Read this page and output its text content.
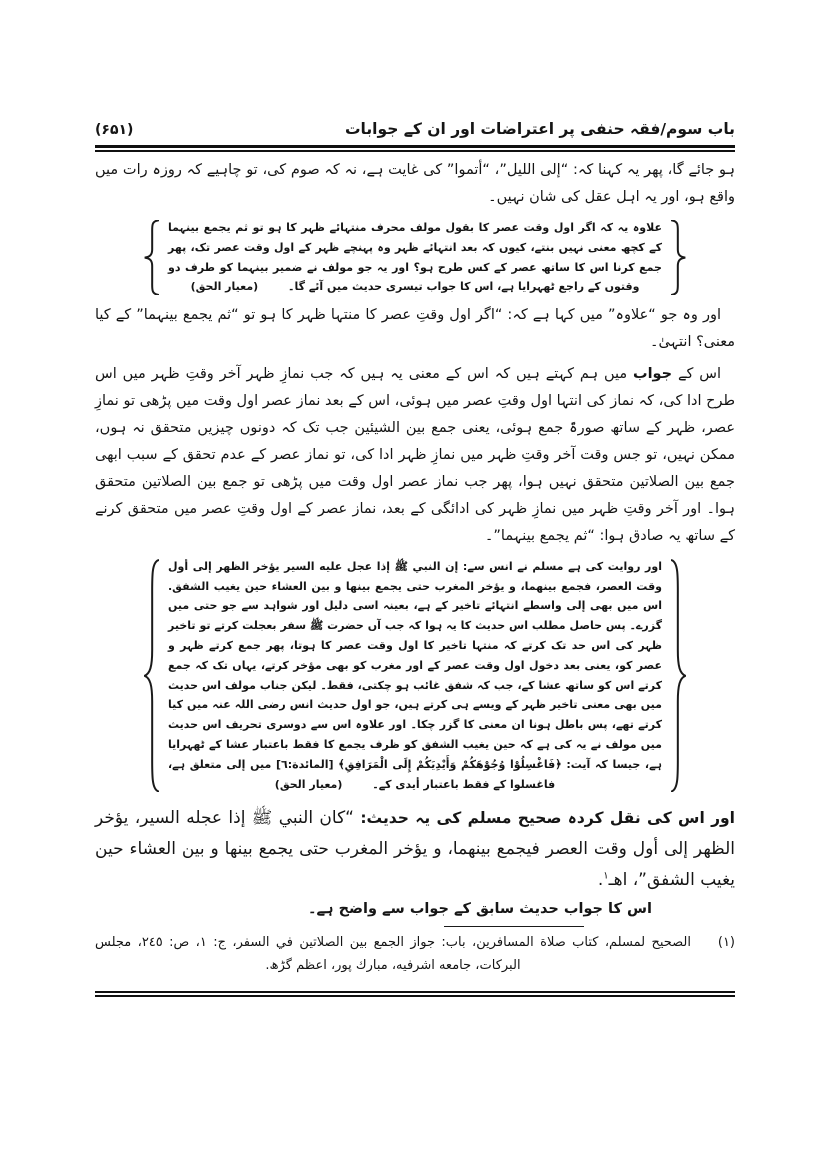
باب سوم/فقہ حنفی پر اعتراضات اور ان کے جوابات
(۶۵۱)

ہو جائے گا، پھر یہ کہنا کہ: “إلی اللیل”، “أتموا” کی غایت ہے، نہ کہ صوم کی، تو چاہیے کہ روزہ رات میں واقع ہو، اور یہ اہل عقل کی شان نہیں۔

علاوہ یہ کہ اگر اول وقت عصر کا بقول مولف محرف منتہائے ظہر کا ہو تو ثم یجمع بینہما کے کچھ معنی نہیں بنتے، کیوں کہ بعد انتہائے ظہر وہ پہنچے ظہر کے اول وقت عصر تک، پھر جمع کرنا اس کا ساتھ عصر کے کس طرح ہو؟ اور یہ جو مولف نے ضمیر بینہما کو طرف دو وقتوں کے راجع ٹھہرایا ہے، اس کا جواب تیسری حدیث میں آئے گا۔ (معیار الحق)

اور وہ جو “علاوہ” میں کہا ہے کہ: “اگر اول وقتِ عصر کا منتہا ظہر کا ہو تو “ثم یجمع بینہما” کے کیا معنی؟ انتہیٰ۔

اس کے جواب میں ہم کہتے ہیں کہ اس کے معنی یہ ہیں کہ جب نمازِ ظہر آخر وقتِ ظہر میں اس طرح ادا کی، کہ نماز کی انتہا اول وقتِ عصر میں ہوئی، اس کے بعد نماز عصر اول وقت میں پڑھی تو نمازِ عصر، ظہر کے ساتھ صورۃً جمع ہوئی، یعنی جمع بین الشیئین جب تک کہ دونوں چیزیں متحقق نہ ہوں، ممکن نہیں، تو جس وقت آخر وقتِ ظہر میں نمازِ ظہر ادا کی، تو نماز عصر کے عدم تحقق کے سبب ابھی جمع بین الصلاتین متحقق نہیں ہوا، پھر جب نماز عصر اول وقت میں پڑھی تو جمع بین الصلاتین متحقق ہوا۔ اور آخر وقتِ ظہر میں نمازِ ظہر کی ادائگی کے بعد، نماز عصر کے اول وقتِ عصر میں متحقق کرنے کے ساتھ یہ صادق ہوا: “ثم یجمع بینہما”۔

اور روایت کی ہے مسلم نے انس سے: إن النبي ﷺ إذا عجل عليه السير يؤخر الظهر إلى أول وقت العصر، فجمع بينهما، و يؤخر المغرب حتى يجمع بينها و بين العشاء حين يغيب الشفق. اس میں بھی إلی واسطے انتہائے تاخیر کے ہے، بعینہ اسی دلیل اور شواہد سے جو حتی میں گزرے۔ پس حاصل مطلب اس حدیث کا یہ ہوا کہ جب آں حضرت ﷺ سفر بعجلت کرتے تو تاخیر ظہر کی اس حد تک کرتے کہ منتہا تاخیر کا اول وقت عصر کا ہوتا، پھر جمع کرتے ظہر و عصر کو، یعنی بعد دخول اول وقت عصر کے اور مغرب کو بھی مؤخر کرتے، یہاں تک کہ جمع کرتے اس کو ساتھ عشا کے، جب کہ شفق غائب ہو چکتی، فقط۔ لیکن جناب مولف اس حدیث میں بھی معنی تاخیر ظہر کے ویسے ہی کرتے ہیں، جو اول حدیث انس رضی اللہ عنہ میں کیا کرتے تھے، پس باطل ہونا ان معنی کا گزر چکا۔ اور علاوہ اس سے دوسری تحریف اس حدیث میں مولف نے یہ کی ہے کہ حین یغیب الشفق کو ظرف یجمع کا فقط باعتبار عشا کے ٹھہرایا ہے، جیسا کہ آیت: ﴿فَاغْسِلُوْا وُجُوْهَكُمْ وَأَیْدِیَكُمْ إِلَى الْمَرَافِقِ﴾ [المائدة:٦] میں إلی متعلق ہے، فاغسلوا کے فقط باعتبار أیدی کے۔ (معیار الحق)

اور اس کی نقل کردہ صحیح مسلم کی یہ حدیث: “كان النبي ﷺ إذا عجله السير، يؤخر الظهر إلى أول وقت العصر فيجمع بينهما، و يؤخر المغرب حتى يجمع بينها و بين العشاء حين يغيب الشفق”، اهـ$^١$.

اس کا جواب حدیث سابق کے جواب سے واضح ہے۔
(١)
الصحيح لمسلم، كتاب صلاة المسافرين، باب: جواز الجمع بين الصلاتين في السفر، ج: ١، ص: ٢٤٥، مجلس البركات، جامعه اشرفيه، مبارك پور، اعظم گڑھ.
